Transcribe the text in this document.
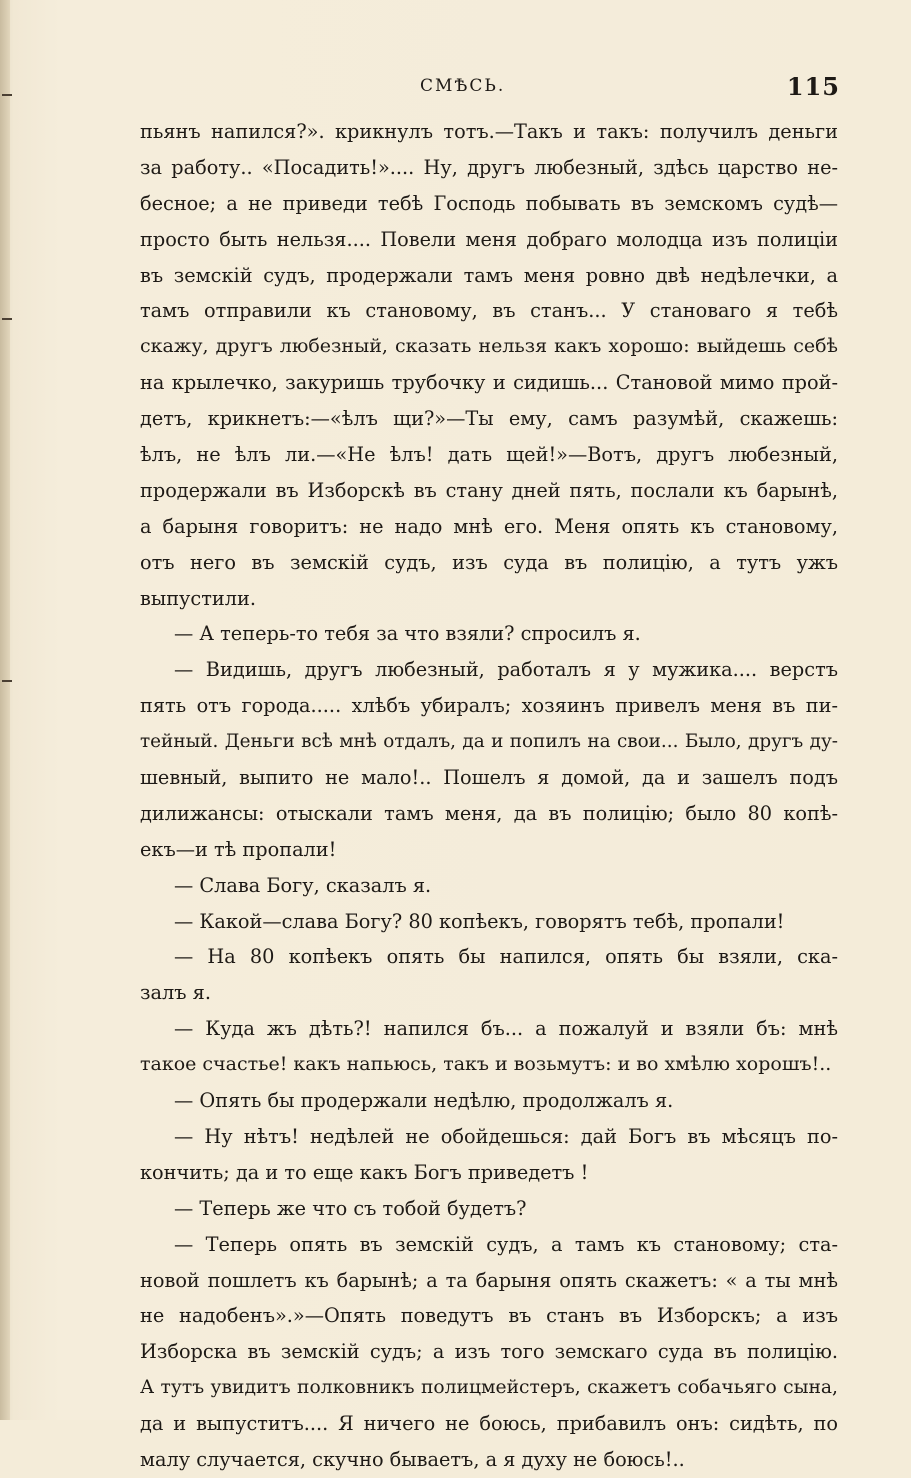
СМѢСЬ.	115
пьянъ напился?». крикнулъ тотъ.—Такъ и такъ: получилъ деньги
за работу.. «Посадить!».... Ну, другъ любезный, здѣсь царство не-
бесное; а не приведи тебѣ Господь побывать въ земскомъ судѣ—
просто быть нельзя.... Повели меня добраго молодца изъ полиціи
въ земскій судъ, продержали тамъ меня ровно двѣ недѣлечки, а
тамъ отправили къ становому, въ станъ... У становаго я тебѣ
скажу, другъ любезный, сказать нельзя какъ хорошо: выйдешь себѣ
на крылечко, закуришь трубочку и сидишь... Становой мимо прой-
детъ, крикнетъ:—«ѣлъ щи?»—Ты ему, самъ разумѣй, скажешь:
ѣлъ, не ѣлъ ли.—«Не ѣлъ! дать щей!»—Вотъ, другъ любезный,
продержали въ Изборскѣ въ стану дней пять, послали къ барынѣ,
а барыня говоритъ: не надо мнѣ его. Меня опять къ становому,
отъ него въ земскій судъ, изъ суда въ полицію, а тутъ ужъ
выпустили.
— А теперь-то тебя за что взяли? спросилъ я.
— Видишь, другъ любезный, работалъ я у мужика.... верстъ
пять отъ города..... хлѣбъ убиралъ; хозяинъ привелъ меня въ пи-
тейный. Деньги всѣ мнѣ отдалъ, да и попилъ на свои... Было, другъ ду-
шевный, выпито не мало!.. Пошелъ я домой, да и зашелъ подъ
дилижансы: отыскали тамъ меня, да въ полицію; было 80 копѣ-
екъ—и тѣ пропали!
— Слава Богу, сказалъ я.
— Какой—слава Богу? 80 копѣекъ, говорятъ тебѣ, пропали!
— На 80 копѣекъ опять бы напился, опять бы взяли, ска-
залъ я.
— Куда жъ дѣть?! напился бъ... а пожалуй и взяли бъ: мнѣ
такое счастье! какъ напьюсь, такъ и возьмутъ: и во хмѣлю хорошъ!..
— Опять бы продержали недѣлю, продолжалъ я.
— Ну нѣтъ! недѣлей не обойдешься: дай Богъ въ мѣсяцъ по-
кончить; да и то еще какъ Богъ приведетъ !
— Теперь же что съ тобой будетъ?
— Теперь опять въ земскій судъ, а тамъ къ становому; ста-
новой пошлетъ къ барынѣ; а та барыня опять скажетъ: « а ты мнѣ
не надобенъ».»—Опять поведутъ въ станъ въ Изборскъ; а изъ
Изборска въ земскій судъ; а изъ того земскаго суда въ полицію.
А тутъ увидитъ полковникъ полицмейстеръ, скажетъ собачьяго сына,
да и выпуститъ.... Я ничего не боюсь, прибавилъ онъ: сидѣть, по
малу случается, скучно бываетъ, а я духу не боюсь!..
